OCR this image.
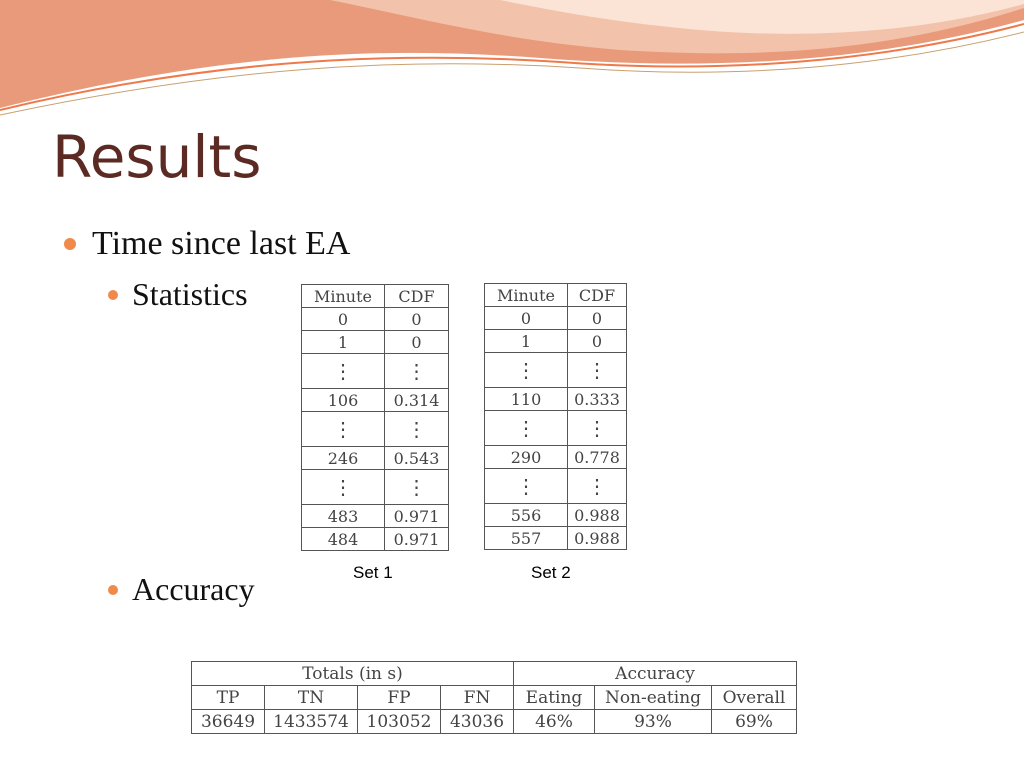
Results
Time since last EA
Statistics	Minute	CDF
0	0
1	0
⋮	⋮
106	0.314
⋮	⋮
246	0.543
⋮	⋮
483	0.971
484	0.971
Minute	CDF
0	0
1	0
⋮	⋮
110	0.333
⋮	⋮
290	0.778
⋮	⋮
556	0.988
557	0.988
Set 1	Set 2
Accuracy
Totals (in s)				Accuracy		
TP	TN	FP	FN	Eating	Non-eating	Overall
36649	1433574	103052	43036	46%	93%	69%
